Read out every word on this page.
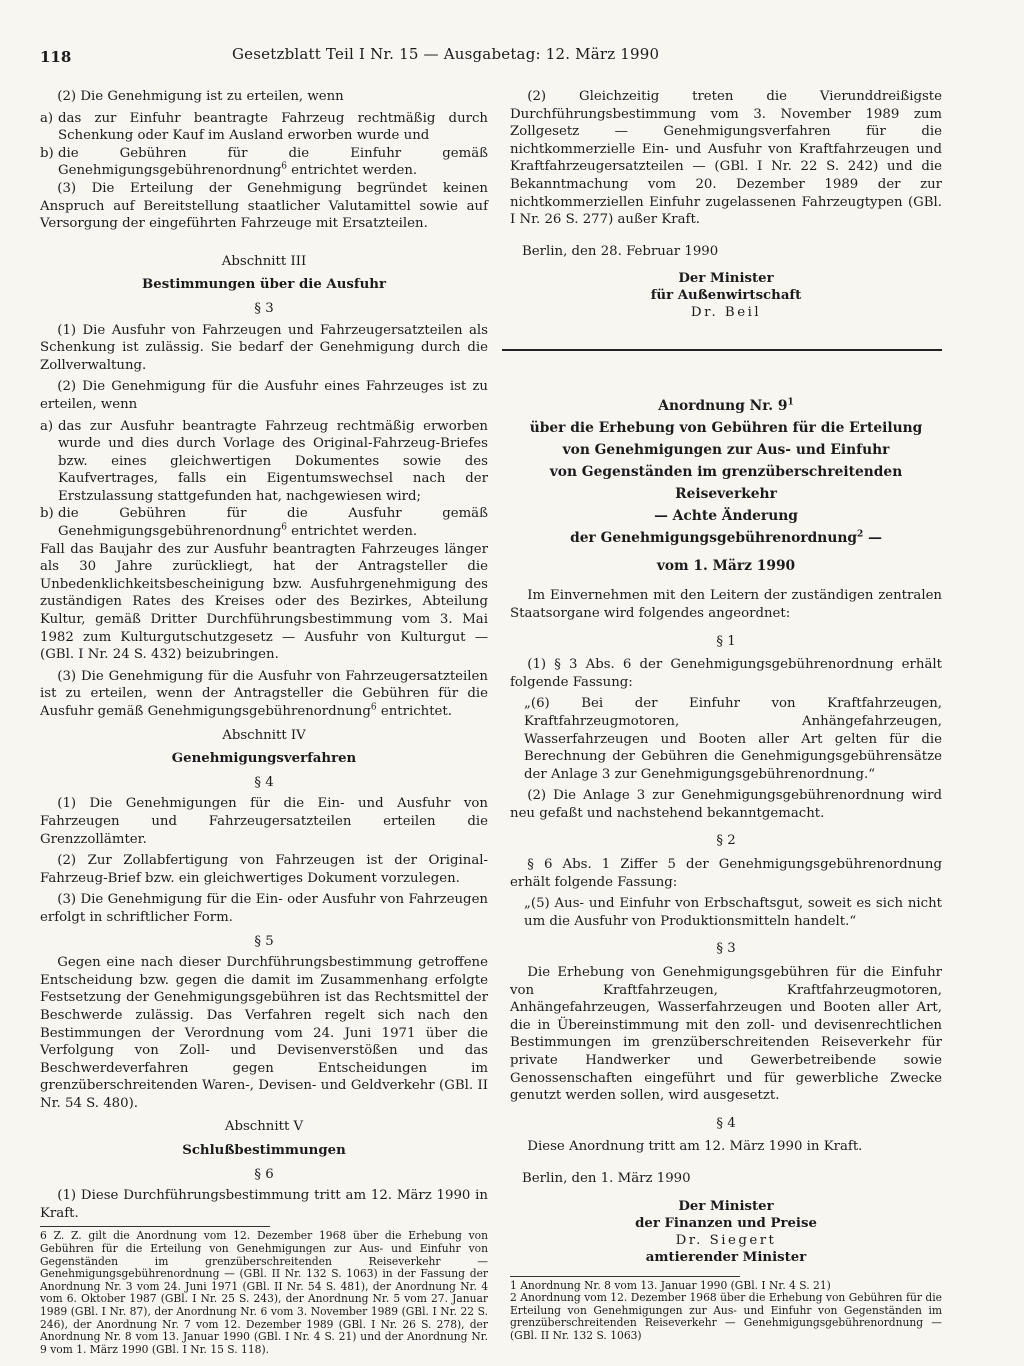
118	Gesetzblatt Teil I Nr. 15 — Ausgabetag: 12. März 1990

(2) Die Genehmigung ist zu erteilen, wenn

a) das zur Einfuhr beantragte Fahrzeug rechtmäßig durch Schenkung oder Kauf im Ausland erworben wurde und
b) die Gebühren für die Einfuhr gemäß Genehmigungsgebührenordnung$^6$ entrichtet werden.

(3) Die Erteilung der Genehmigung begründet keinen Anspruch auf Bereitstellung staatlicher Valutamittel sowie auf Versorgung der eingeführten Fahrzeuge mit Ersatzteilen.

Abschnitt III
Bestimmungen über die Ausfuhr
§ 3

(1) Die Ausfuhr von Fahrzeugen und Fahrzeugersatzteilen als Schenkung ist zulässig. Sie bedarf der Genehmigung durch die Zollverwaltung.

(2) Die Genehmigung für die Ausfuhr eines Fahrzeuges ist zu erteilen, wenn

a) das zur Ausfuhr beantragte Fahrzeug rechtmäßig erworben wurde und dies durch Vorlage des Original-Fahrzeug-Briefes bzw. eines gleichwertigen Dokumentes sowie des Kaufvertrages, falls ein Eigentumswechsel nach der Erstzulassung stattgefunden hat, nachgewiesen wird;
b) die Gebühren für die Ausfuhr gemäß Genehmigungsgebührenordnung$^6$ entrichtet werden.

Fall das Baujahr des zur Ausfuhr beantragten Fahrzeuges länger als 30 Jahre zurückliegt, hat der Antragsteller die Unbedenklichkeitsbescheinigung bzw. Ausfuhrgenehmigung des zuständigen Rates des Kreises oder des Bezirkes, Abteilung Kultur, gemäß Dritter Durchführungsbestimmung vom 3. Mai 1982 zum Kulturgutschutzgesetz — Ausfuhr von Kulturgut — (GBl. I Nr. 24 S. 432) beizubringen.

(3) Die Genehmigung für die Ausfuhr von Fahrzeugersatzteilen ist zu erteilen, wenn der Antragsteller die Gebühren für die Ausfuhr gemäß Genehmigungsgebührenordnung$^6$ entrichtet.

Abschnitt IV
Genehmigungsverfahren
§ 4

(1) Die Genehmigungen für die Ein- und Ausfuhr von Fahrzeugen und Fahrzeugersatzteilen erteilen die Grenzzollämter.

(2) Zur Zollabfertigung von Fahrzeugen ist der Original-Fahrzeug-Brief bzw. ein gleichwertiges Dokument vorzulegen.

(3) Die Genehmigung für die Ein- oder Ausfuhr von Fahrzeugen erfolgt in schriftlicher Form.

§ 5

Gegen eine nach dieser Durchführungsbestimmung getroffene Entscheidung bzw. gegen die damit im Zusammenhang erfolgte Festsetzung der Genehmigungsgebühren ist das Rechtsmittel der Beschwerde zulässig. Das Verfahren regelt sich nach den Bestimmungen der Verordnung vom 24. Juni 1971 über die Verfolgung von Zoll- und Devisenverstößen und das Beschwerdeverfahren gegen Entscheidungen im grenzüberschreitenden Waren-, Devisen- und Geldverkehr (GBl. II Nr. 54 S. 480).

Abschnitt V
Schlußbestimmungen
§ 6

(1) Diese Durchführungsbestimmung tritt am 12. März 1990 in Kraft.

6 Z. Z. gilt die Anordnung vom 12. Dezember 1968 über die Erhebung von Gebühren für die Erteilung von Genehmigungen zur Aus- und Einfuhr von Gegenständen im grenzüberschreitenden Reiseverkehr — Genehmigungsgebührenordnung — (GBl. II Nr. 132 S. 1063) in der Fassung der Anordnung Nr. 3 vom 24. Juni 1971 (GBl. II Nr. 54 S. 481), der Anordnung Nr. 4 vom 6. Oktober 1987 (GBl. I Nr. 25 S. 243), der Anordnung Nr. 5 vom 27. Januar 1989 (GBl. I Nr. 87), der Anordnung Nr. 6 vom 3. November 1989 (GBl. I Nr. 22 S. 246), der Anordnung Nr. 7 vom 12. Dezember 1989 (GBl. I Nr. 26 S. 278), der Anordnung Nr. 8 vom 13. Januar 1990 (GBl. I Nr. 4 S. 21) und der Anordnung Nr. 9 vom 1. März 1990 (GBl. I Nr. 15 S. 118).

(2) Gleichzeitig treten die Vierunddreißigste Durchführungsbestimmung vom 3. November 1989 zum Zollgesetz — Genehmigungsverfahren für die nichtkommerzielle Ein- und Ausfuhr von Kraftfahrzeugen und Kraftfahrzeugersatzteilen — (GBl. I Nr. 22 S. 242) und die Bekanntmachung vom 20. Dezember 1989 der zur nichtkommerziellen Einfuhr zugelassenen Fahrzeugtypen (GBl. I Nr. 26 S. 277) außer Kraft.

Berlin, den 28. Februar 1990
Der Minister
für Außenwirtschaft
Dr. Beil
Anordnung Nr. $9^1$
über die Erhebung von Gebühren für die Erteilung
von Genehmigungen zur Aus- und Einfuhr
von Gegenständen im grenzüberschreitenden
Reiseverkehr
— Achte Änderung
der Genehmigungsgebührenordnung$^2$ —
vom 1. März 1990

Im Einvernehmen mit den Leitern der zuständigen zentralen Staatsorgane wird folgendes angeordnet:

§ 1

(1) § 3 Abs. 6 der Genehmigungsgebührenordnung erhält folgende Fassung:

„(6) Bei der Einfuhr von Kraftfahrzeugen, Kraftfahrzeugmotoren, Anhängefahrzeugen, Wasserfahrzeugen und Booten aller Art gelten für die Berechnung der Gebühren die Genehmigungsgebührensätze der Anlage 3 zur Genehmigungsgebührenordnung.“

(2) Die Anlage 3 zur Genehmigungsgebührenordnung wird neu gefaßt und nachstehend bekanntgemacht.

§ 2

§ 6 Abs. 1 Ziffer 5 der Genehmigungsgebührenordnung erhält folgende Fassung:

„(5) Aus- und Einfuhr von Erbschaftsgut, soweit es sich nicht um die Ausfuhr von Produktionsmitteln handelt.“

§ 3

Die Erhebung von Genehmigungsgebühren für die Einfuhr von Kraftfahrzeugen, Kraftfahrzeugmotoren, Anhängefahrzeugen, Wasserfahrzeugen und Booten aller Art, die in Übereinstimmung mit den zoll- und devisenrechtlichen Bestimmungen im grenzüberschreitenden Reiseverkehr für private Handwerker und Gewerbetreibende sowie Genossenschaften eingeführt und für gewerbliche Zwecke genutzt werden sollen, wird ausgesetzt.

§ 4

Diese Anordnung tritt am 12. März 1990 in Kraft.

Berlin, den 1. März 1990
Der Minister
der Finanzen und Preise
Dr. Siegert
amtierender Minister
1 Anordnung Nr. 8 vom 13. Januar 1990 (GBl. I Nr. 4 S. 21)
2 Anordnung vom 12. Dezember 1968 über die Erhebung von Gebühren für die Erteilung von Genehmigungen zur Aus- und Einfuhr von Gegenständen im grenzüberschreitenden Reiseverkehr — Genehmigungsgebührenordnung — (GBl. II Nr. 132 S. 1063)
